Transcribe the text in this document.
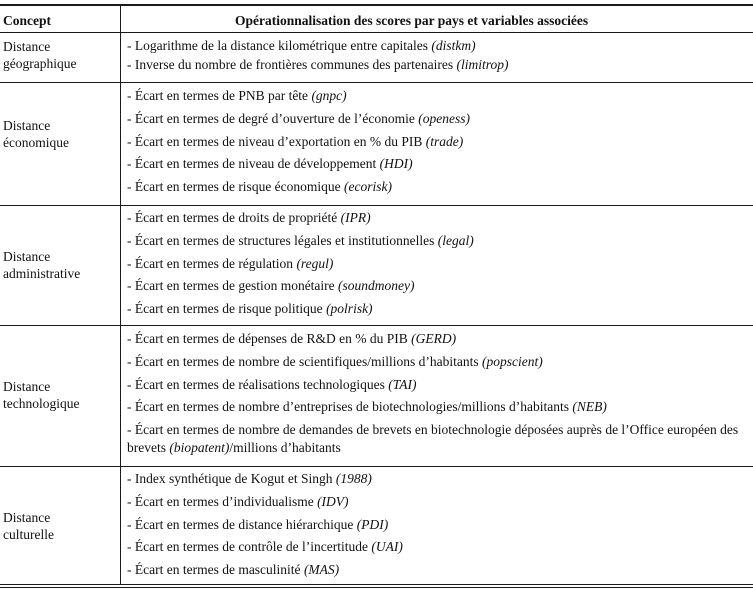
Concept	Opérationnalisation des scores par pays et variables associées
Distance
géographique
- Logarithme de la distance kilométrique entre capitales (distkm)
- Inverse du nombre de frontières communes des partenaires (limitrop)
Distance
économique
- Écart en termes de PNB par tête (gnpc)
- Écart en termes de degré d’ouverture de l’économie (openess)
- Écart en termes de niveau d’exportation en % du PIB (trade)
- Écart en termes de niveau de développement (HDI)
- Écart en termes de risque économique (ecorisk)
Distance
administrative
- Écart en termes de droits de propriété (IPR)
- Écart en termes de structures légales et institutionnelles (legal)
- Écart en termes de régulation (regul)
- Écart en termes de gestion monétaire (soundmoney)
- Écart en termes de risque politique (polrisk)
Distance
technologique
- Écart en termes de dépenses de R&D en % du PIB (GERD)
- Écart en termes de nombre de scientifiques/millions d’habitants (popscient)
- Écart en termes de réalisations technologiques (TAI)
- Écart en termes de nombre d’entreprises de biotechnologies/millions d’habitants (NEB)
- Écart en termes de nombre de demandes de brevets en biotechnologie déposées auprès de l’Office européen des brevets (biopatent)/millions d’habitants
Distance
culturelle
- Index synthétique de Kogut et Singh (1988)
- Écart en termes d’individualisme (IDV)
- Écart en termes de distance hiérarchique (PDI)
- Écart en termes de contrôle de l’incertitude (UAI)
- Écart en termes de masculinité (MAS)
